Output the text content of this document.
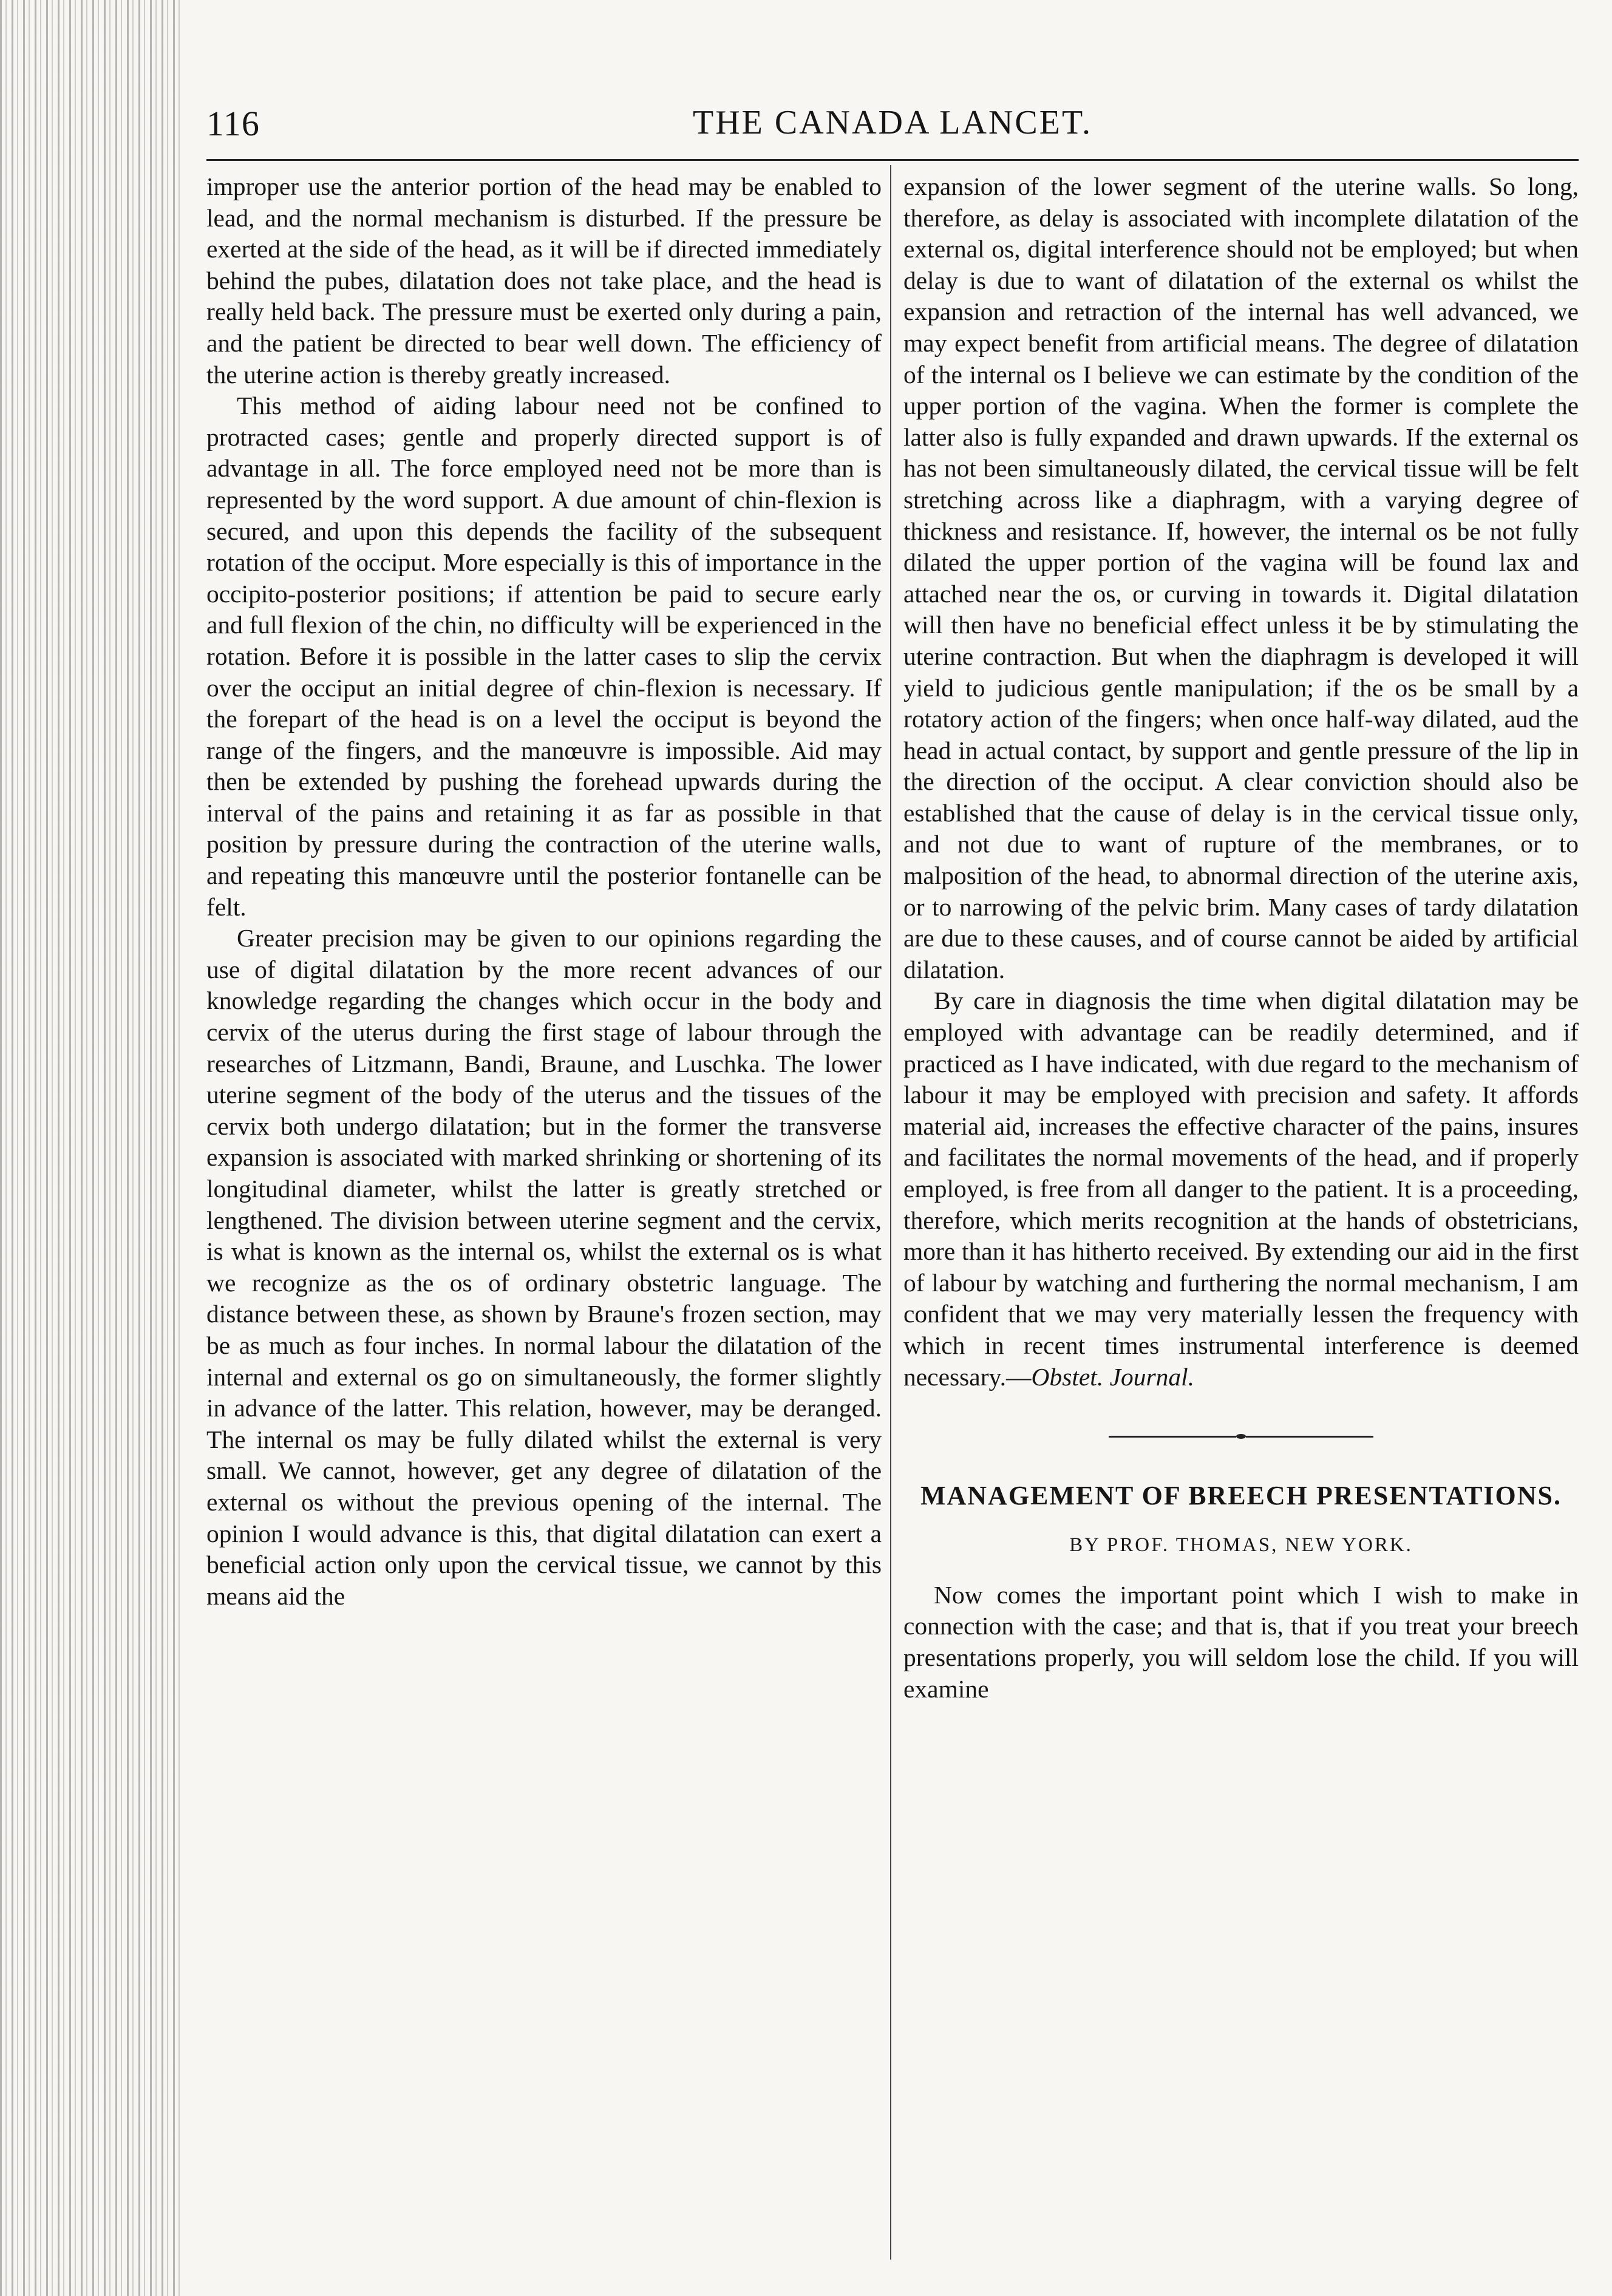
116	THE CANADA LANCET.

improper use the anterior portion of the head may be enabled to lead, and the normal mechanism is disturbed. If the pressure be exerted at the side of the head, as it will be if directed immediately behind the pubes, dilatation does not take place, and the head is really held back. The pressure must be exerted only during a pain, and the patient be directed to bear well down. The efficiency of the uterine action is thereby greatly increased.

This method of aiding labour need not be confined to protracted cases; gentle and properly directed support is of advantage in all. The force employed need not be more than is represented by the word support. A due amount of chin-flexion is secured, and upon this depends the facility of the subsequent rotation of the occiput. More especially is this of importance in the occipito-posterior positions; if attention be paid to secure early and full flexion of the chin, no difficulty will be experienced in the rotation. Before it is possible in the latter cases to slip the cervix over the occiput an initial degree of chin-flexion is necessary. If the forepart of the head is on a level the occiput is beyond the range of the fingers, and the manœuvre is impossible. Aid may then be extended by pushing the forehead upwards during the interval of the pains and retaining it as far as possible in that position by pressure during the contraction of the uterine walls, and repeating this manœuvre until the posterior fontanelle can be felt.

Greater precision may be given to our opinions regarding the use of digital dilatation by the more recent advances of our knowledge regarding the changes which occur in the body and cervix of the uterus during the first stage of labour through the researches of Litzmann, Bandi, Braune, and Luschka. The lower uterine segment of the body of the uterus and the tissues of the cervix both undergo dilatation; but in the former the transverse expansion is associated with marked shrinking or shortening of its longitudinal diameter, whilst the latter is greatly stretched or lengthened. The division between uterine segment and the cervix, is what is known as the internal os, whilst the external os is what we recognize as the os of ordinary obstetric language. The distance between these, as shown by Braune's frozen section, may be as much as four inches. In normal labour the dilatation of the internal and external os go on simultaneously, the former slightly in advance of the latter. This relation, however, may be deranged. The internal os may be fully dilated whilst the external is very small. We cannot, however, get any degree of dilatation of the external os without the previous opening of the internal. The opinion I would advance is this, that digital dilatation can exert a beneficial action only upon the cervical tissue, we cannot by this means aid the

expansion of the lower segment of the uterine walls. So long, therefore, as delay is associated with incomplete dilatation of the external os, digital interference should not be employed; but when delay is due to want of dilatation of the external os whilst the expansion and retraction of the internal has well advanced, we may expect benefit from artificial means. The degree of dilatation of the internal os I believe we can estimate by the condition of the upper portion of the vagina. When the former is complete the latter also is fully expanded and drawn upwards. If the external os has not been simultaneously dilated, the cervical tissue will be felt stretching across like a diaphragm, with a varying degree of thickness and resistance. If, however, the internal os be not fully dilated the upper portion of the vagina will be found lax and attached near the os, or curving in towards it. Digital dilatation will then have no beneficial effect unless it be by stimulating the uterine contraction. But when the diaphragm is developed it will yield to judicious gentle manipulation; if the os be small by a rotatory action of the fingers; when once half-way dilated, aud the head in actual contact, by support and gentle pressure of the lip in the direction of the occiput. A clear conviction should also be established that the cause of delay is in the cervical tissue only, and not due to want of rupture of the membranes, or to malposition of the head, to abnormal direction of the uterine axis, or to narrowing of the pelvic brim. Many cases of tardy dilatation are due to these causes, and of course cannot be aided by artificial dilatation.

By care in diagnosis the time when digital dilatation may be employed with advantage can be readily determined, and if practiced as I have indicated, with due regard to the mechanism of labour it may be employed with precision and safety. It affords material aid, increases the effective character of the pains, insures and facilitates the normal movements of the head, and if properly employed, is free from all danger to the patient. It is a proceeding, therefore, which merits recognition at the hands of obstetricians, more than it has hitherto received. By extending our aid in the first of labour by watching and furthering the normal mechanism, I am confident that we may very materially lessen the frequency with which in recent times instrumental interference is deemed necessary.—Obstet. Journal.

MANAGEMENT OF BREECH PRESENTATIONS.
BY PROF. THOMAS, NEW YORK.

Now comes the important point which I wish to make in connection with the case; and that is, that if you treat your breech presentations properly, you will seldom lose the child. If you will examine
